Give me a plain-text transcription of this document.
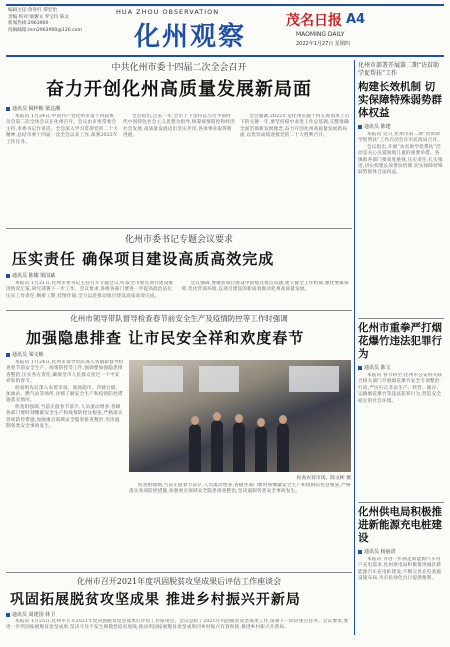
编辑主任:余喜红 谭宏怡
责编 校对:梁耀文 罗宝玲 陈文
新闻热线:2963900
投稿邮箱:mm2963900@126.com
HUA ZHOU OBSERVATION
化州观察
茂名日报 A4
MAOMING DAILY
2022年1月27日 星期四
中共化州市委十四届二次全会召开
奋力开创化州高质量发展新局面
通讯员 揭梓彬 梁达潮

本报讯 1月24日,中国共产党化州市第十四届委员会第二次全体会议在化州召开。会议由市委常委会主持,市委书记作讲话。全会深入学习贯彻党的二十大精神,总结市委十四届一次全会以来工作,部署2022年工作任务。

全会指出,过去一年,全市上下坚持以习近平新时代中国特色社会主义思想为指导,统筹疫情防控和经济社会发展,高质量发展迈出坚实步伐,各项事业取得新进展。

全会强调,2022年是化州实施十四五规划承上启下的关键一年,要坚持稳中求进工作总基调,完整准确全面贯彻新发展理念,奋力开创化州高质量发展新局面,以优异成绩迎接党的二十大胜利召开。

化州市委书记专题会议要求
压实责任 确保项目建设高质高效完成
通讯员 陈耀 梁国斌

本报讯 1月21日,化州市委书记主持召开专题会议,听取全市重点项目建设推进情况汇报,研究部署下一步工作。会议要求,各级各部门要进一步提高政治站位,压实工作责任,倒排工期,挂图作战,全力以赴推动项目建设高质高效完成。

会议强调,要聚焦项目建设中的堵点难点问题,建立健全工作机制,强化要素保障,优化营商环境,以项目建设的新成效推动化州高质量发展。

化州市领导带队督导检查春节前安全生产及疫情防控等工作时强调
加强隐患排查 让市民安全祥和欢度春节
通讯员 梁文彬

本报讯 1月24日,化州市领导带队深入各镇街督导检查春节前安全生产、疫情防控等工作,强调要加强隐患排查整治,压实各方责任,确保全市人民群众度过一个平安祥和的春节。

检查组先后深入农贸市场、商场超市、冷链仓储、加油站、燃气站等场所,详细了解安全生产和疫情防控措施落实情况。

检查组强调,当前正值春节前夕,人员流动增多,各级各部门要时刻绷紧安全生产和疫情防控这根弦,严格落实各项防控措施,加强重点领域安全隐患排查整治,坚决遏制各类安全事故发生。

检查农贸市场。陈文彬 摄

检查组强调,当前正值春节前夕,人员流动增多,各级各部门要时刻绷紧安全生产和疫情防控这根弦,严格落实各项防控措施,加强重点领域安全隐患排查整治,坚决遏制各类安全事故发生。

化州市召开2021年度巩固脱贫攻坚成果后评估工作座谈会
巩固拓展脱贫攻坚成果 推进乡村振兴开新局
通讯员 周建国 林卫

本报讯 1月25日,化州市召开2021年度巩固脱贫攻坚成果后评估工作座谈会。会议总结了2021年巩固脱贫攻坚成果工作,部署下一阶段重点任务。会议要求,要进一步巩固拓展脱贫攻坚成果,坚决守住不发生规模性返贫底线,推动巩固拓展脱贫攻坚成果同乡村振兴有效衔接,推进乡村振兴开新局。

化州市部署开展第二期“访贫助学促帮扶”工作
构建长效机制 切实保障特殊弱势群体权益
通讯员 陈建

本报讯 近日,化州市第二期“访贫助学促帮扶”工作启动会在市民政局召开。

会议指出,开展“访贫助学促帮扶”活动是关心关爱困境儿童的重要举措。各镇街各部门要高度重视,压实责任,扎实推进,切实构建长效帮扶机制,切实保障特殊弱势群体合法权益。

化州市重拳严打烟花爆竹违法犯罪行为
通讯员 陈文

本报讯 春节将至,化州市公安机关联合相关部门开展烟花爆竹安全专项整治行动,严厉打击非法生产、经营、储存、运输烟花爆竹等违法犯罪行为,营造安全稳定的社会环境。

化州供电局积极推进新能源充电桩建设
通讯员 杨丽清

本报讯 为进一步满足新能源汽车用户充电需求,化州供电局积极推进城区新能源汽车充电桩建设,不断完善充电基础设施布局,为市民绿色出行提供便利。
